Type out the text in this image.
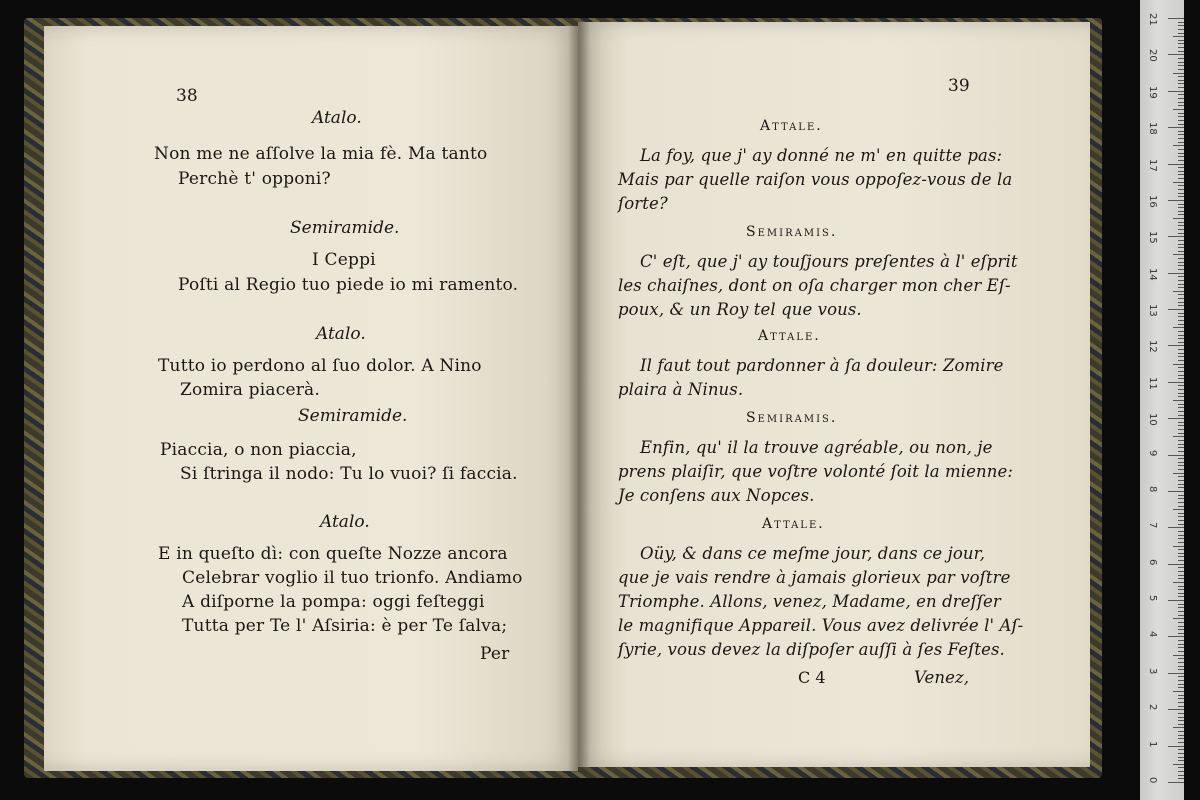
38
Atalo.
Non me ne aſſolve la mia fè. Ma tanto
Perchè t' opponi?
Semiramide.
I Ceppi
Poſti al Regio tuo piede io mi ramento.
Atalo.
Tutto io perdono al ſuo dolor. A Nino
Zomira piacerà.
Semiramide.
Piaccia, o non piaccia,
Si ſtringa il nodo: Tu lo vuoi? ſi faccia.
Atalo.
E in queſto dì: con queſte Nozze ancora
Celebrar voglio il tuo trionfo. Andiamo
A diſporne la pompa: oggi feſteggi
Tutta per Te l' Aſsiria: è per Te ſalva;
Per
39
Attale.
La foy, que j' ay donné ne m' en quitte pas:
Mais par quelle raiſon vous oppoſez-vous de la
ſorte?
Semiramis.
C' eſt, que j' ay touſjours preſentes à l' eſprit
les chaiſnes, dont on oſa charger mon cher Eſ-
poux, & un Roy tel que vous.
Attale.
Il faut tout pardonner à ſa douleur: Zomire
plaira à Ninus.
Semiramis.
Enfin, qu' il la trouve agréable, ou non, je
prens plaiſir, que voſtre volonté ſoit la mienne:
Je conſens aux Nopces.
Attale.
Oüy, & dans ce meſme jour, dans ce jour,
que je vais rendre à jamais glorieux par voſtre
Triomphe. Allons, venez, Madame, en dreſſer
le magnifique Appareil. Vous avez delivrée l' Aſ-
ſyrie, vous devez la diſpoſer auſſi à ſes Feſtes.
C 4	Venez,
0
1
2
3
4
5
6
7
8
9
10
11
12
13
14
15
16
17
18
19
20
21
